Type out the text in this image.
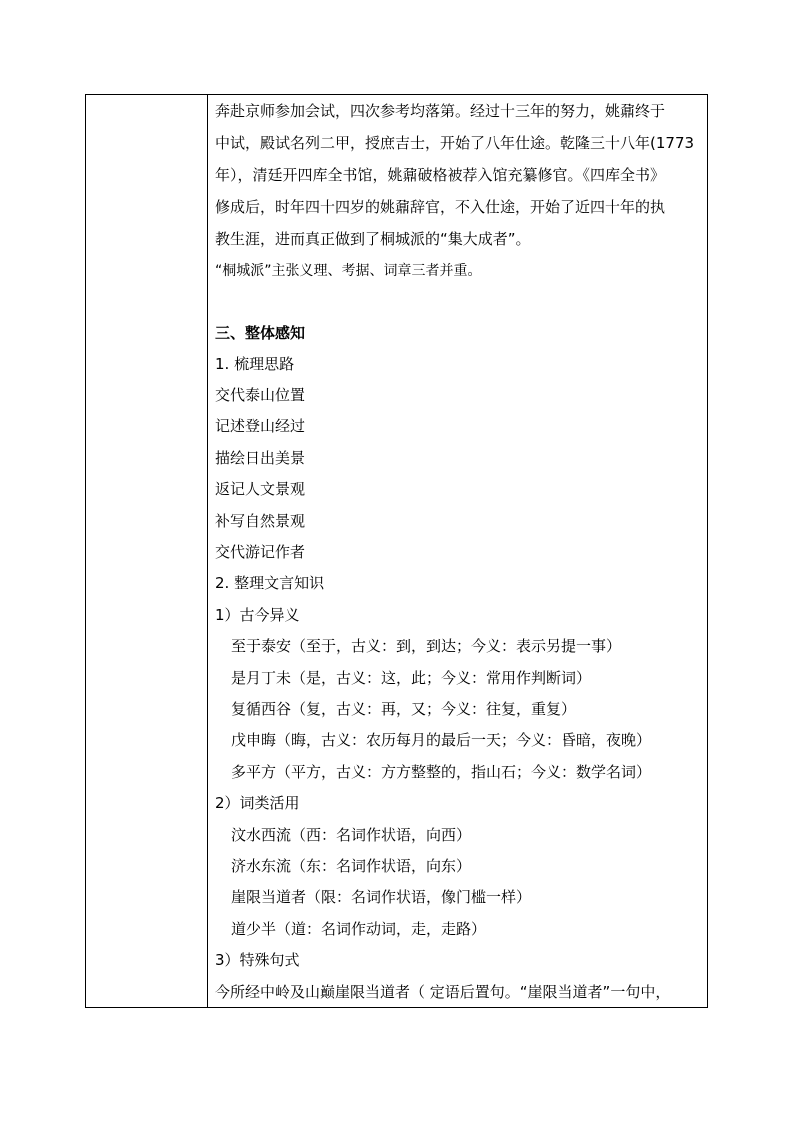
奔赴京师参加会试，四次参考均落第。经过十三年的努力，姚鼐终于
中试，殿试名列二甲，授庶吉士，开始了八年仕途。乾隆三十八年(1773
年），清廷开四库全书馆，姚鼐破格被荐入馆充纂修官。《四库全书》
修成后，时年四十四岁的姚鼐辞官，不入仕途，开始了近四十年的执
教生涯，进而真正做到了桐城派的“集大成者”。
“桐城派”主张义理、考据、词章三者并重。
三、整体感知
1. 梳理思路
交代泰山位置
记述登山经过
描绘日出美景
返记人文景观
补写自然景观
交代游记作者
2. 整理文言知识
1）古今异义
至于泰安（至于，古义：到，到达；今义：表示另提一事）
是月丁未（是，古义：这，此；今义：常用作判断词）
复循西谷（复，古义：再，又；今义：往复，重复）
戊申晦（晦，古义：农历每月的最后一天；今义：昏暗，夜晚）
多平方（平方，古义：方方整整的，指山石；今义：数学名词）
2）词类活用
汶水西流（西：名词作状语，向西）
济水东流（东：名词作状语，向东）
崖限当道者（限：名词作状语，像门槛一样）
道少半（道：名词作动词，走，走路）
3）特殊句式
今所经中岭及山巅崖限当道者（ 定语后置句。“崖限当道者”一句中，
